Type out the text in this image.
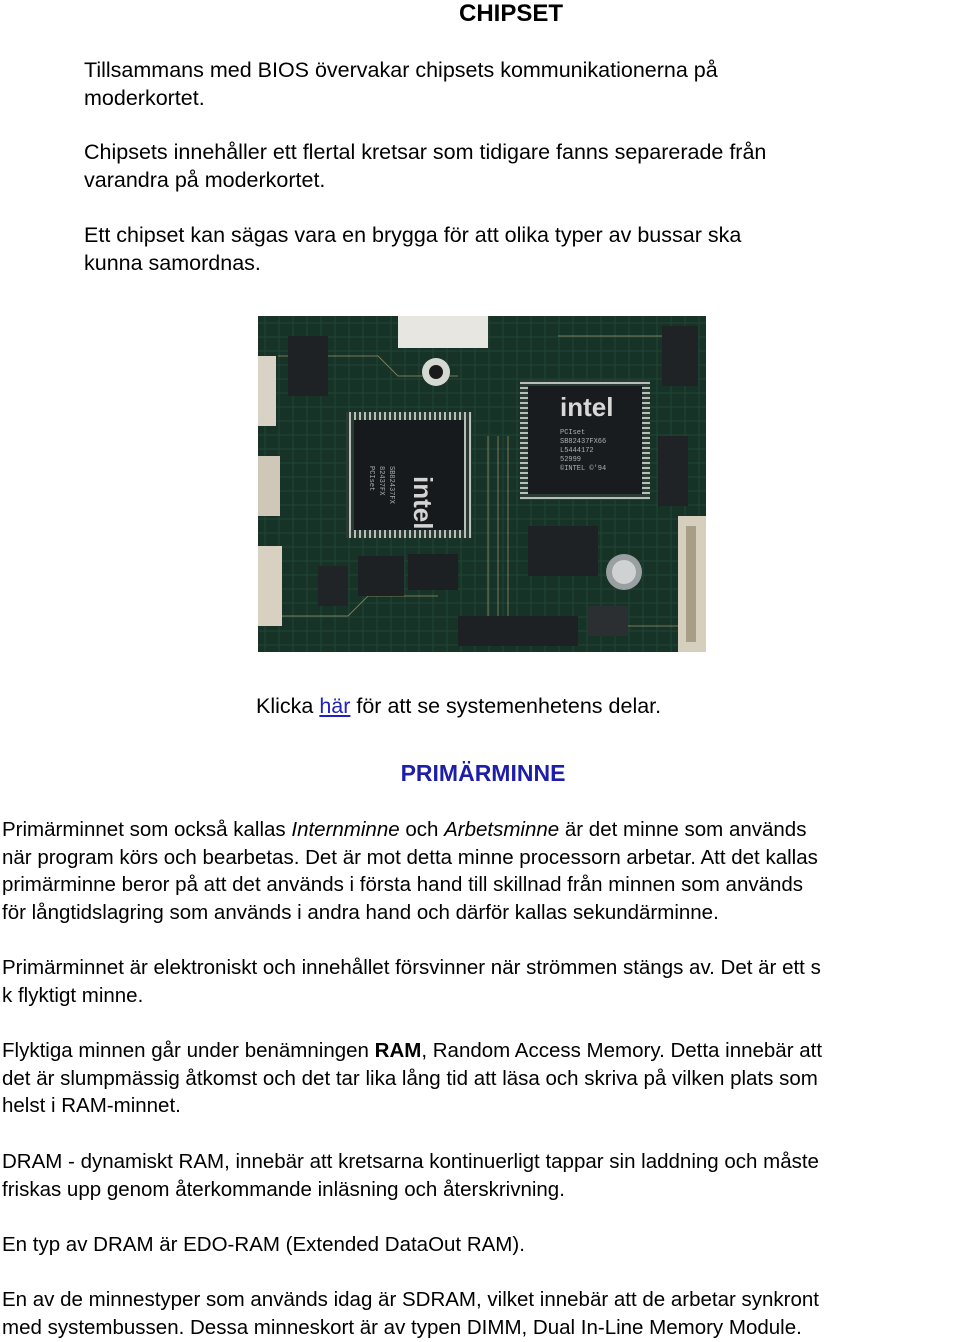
CHIPSET

Tillsammans med BIOS övervakar chipsets kommunikationerna på
moderkortet.

Chipsets innehåller ett flertal kretsar som tidigare fanns separerade från
varandra på moderkortet.

Ett chipset kan sägas vara en brygga för att olika typer av bussar ska
kunna samordnas.

intel
PCIset 82437FX SB82437FX
intel
PCIset
SB82437FX66
L5444172
52999
©INTEL ©'94
Klicka här för att se systemenhetens delar.
PRIMÄRMINNE

Primärminnet som också kallas Internminne och Arbetsminne är det minne som används
när program körs och bearbetas. Det är mot detta minne processorn arbetar. Att det kallas
primärminne beror på att det används i första hand till skillnad från minnen som används
för långtidslagring som används i andra hand och därför kallas sekundärminne.

Primärminnet är elektroniskt och innehållet försvinner när strömmen stängs av. Det är ett s
k flyktigt minne.

Flyktiga minnen går under benämningen RAM, Random Access Memory. Detta innebär att
det är slumpmässig åtkomst och det tar lika lång tid att läsa och skriva på vilken plats som
helst i RAM-minnet.

DRAM - dynamiskt RAM, innebär att kretsarna kontinuerligt tappar sin laddning och måste
friskas upp genom återkommande inläsning och återskrivning.

En typ av DRAM är EDO-RAM (Extended DataOut RAM).

En av de minnestyper som används idag är SDRAM, vilket innebär att de arbetar synkront
med systembussen. Dessa minneskort är av typen DIMM, Dual In-Line Memory Module.
